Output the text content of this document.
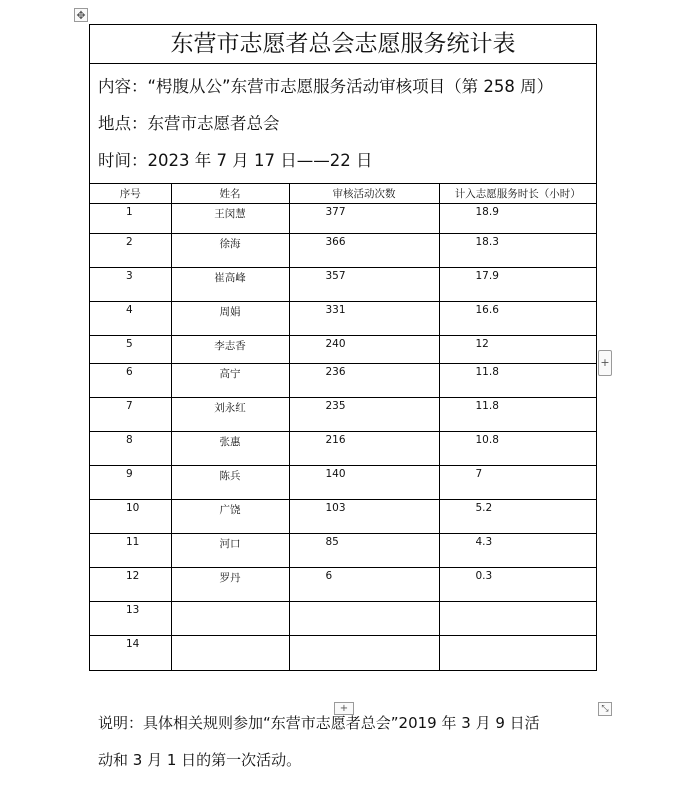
✥
+
+	⤡
东营市志愿者总会志愿服务统计表

内容：“枵腹从公”东营市志愿服务活动审核项目（第 258 周）

地点：东营市志愿者总会

时间：2023 年 7 月 17 日——22 日

序号	姓名	审核活动次数	计入志愿服务时长（小时）
1	王闵慧	377	18.9
2	徐海	366	18.3
3	崔高峰	357	17.9
4	周娟	331	16.6
5	李志香	240	12
6	高宁	236	11.8
7	刘永红	235	11.8
8	张惠	216	10.8
9	陈兵	140	7
10	广饶	103	5.2
11	河口	85	4.3
12	罗丹	6	0.3
13			
14			

说明：具体相关规则参加“东营市志愿者总会”2019 年 3 月 9 日活

动和 3 月 1 日的第一次活动。
